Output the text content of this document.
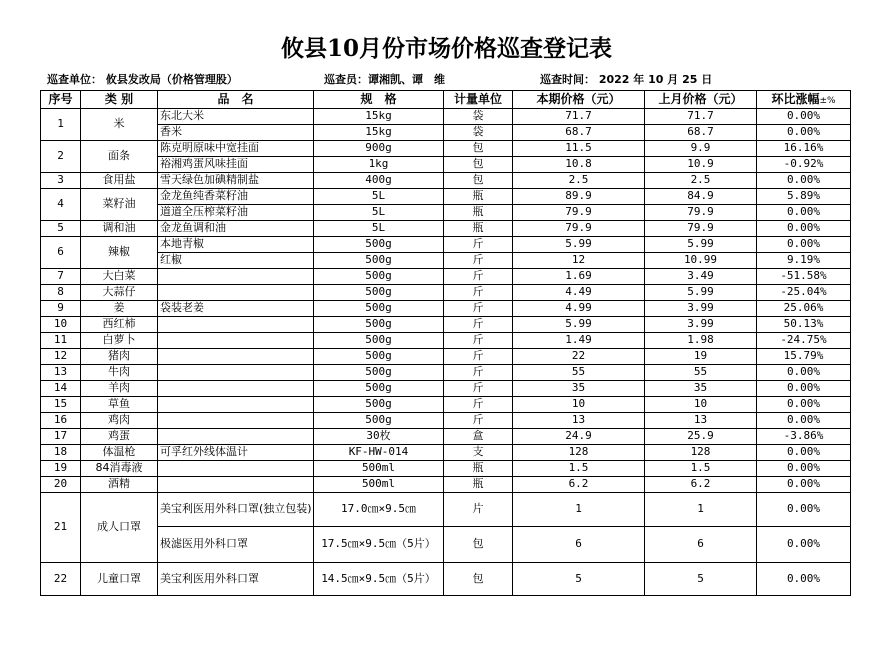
攸县10月份市场价格巡查登记表
巡查单位： 攸县发改局（价格管理股）	巡查员：谭湘凯、谭　维	巡查时间： 2022 年 10 月 25 日
序号	类 别	品　名	规　格	计量单位	本期价格（元）	上月价格（元）	环比涨幅±%
1	米	东北大米	15kg	袋	71.7	71.7	0.00%
		香米	15kg	袋	68.7	68.7	0.00%
2	面条	陈克明原味中宽挂面	900g	包	11.5	9.9	16.16%
		裕湘鸡蛋风味挂面	1kg	包	10.8	10.9	-0.92%
3	食用盐	雪天绿色加碘精制盐	400g	包	2.5	2.5	0.00%
4	菜籽油	金龙鱼纯香菜籽油	5L	瓶	89.9	84.9	5.89%
		道道全压榨菜籽油	5L	瓶	79.9	79.9	0.00%
5	调和油	金龙鱼调和油	5L	瓶	79.9	79.9	0.00%
6	辣椒	本地青椒	500g	斤	5.99	5.99	0.00%
		红椒	500g	斤	12	10.99	9.19%
7	大白菜		500g	斤	1.69	3.49	-51.58%
8	大蒜仔		500g	斤	4.49	5.99	-25.04%
9	姜	袋装老姜	500g	斤	4.99	3.99	25.06%
10	西红柿		500g	斤	5.99	3.99	50.13%
11	白萝卜		500g	斤	1.49	1.98	-24.75%
12	猪肉		500g	斤	22	19	15.79%
13	牛肉		500g	斤	55	55	0.00%
14	羊肉		500g	斤	35	35	0.00%
15	草鱼		500g	斤	10	10	0.00%
16	鸡肉		500g	斤	13	13	0.00%
17	鸡蛋		30枚	盒	24.9	25.9	-3.86%
18	体温枪	可孚红外线体温计	KF-HW-014	支	128	128	0.00%
19	84消毒液		500ml	瓶	1.5	1.5	0.00%
20	酒精		500ml	瓶	6.2	6.2	0.00%
21	成人口罩	美宝利医用外科口罩(独立包装)	17.0㎝×9.5㎝	片	1	1	0.00%
		极滤医用外科口罩	17.5㎝×9.5㎝（5片）	包	6	6	0.00%
22	儿童口罩	美宝利医用外科口罩	14.5㎝×9.5㎝（5片）	包	5	5	0.00%
